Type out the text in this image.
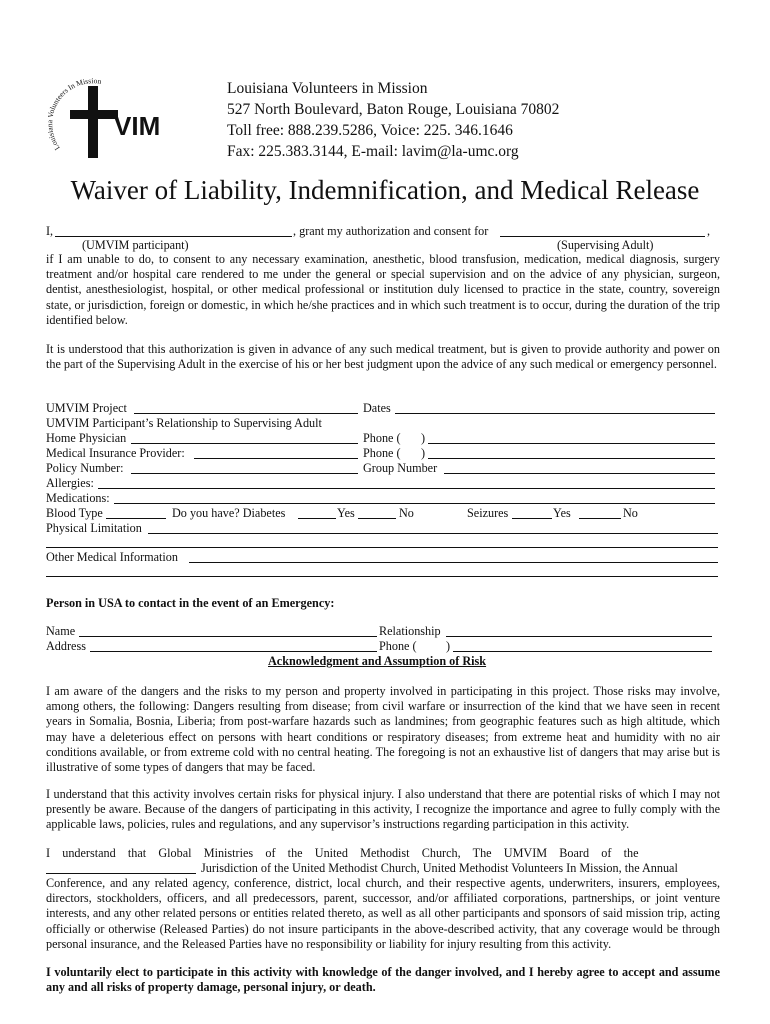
Loui lunteers In Mission
VIM
Louisiana Volunteers in Mission
527 North Boulevard, Baton Rouge, Louisiana 70802
Toll free: 888.239.5286, Voice: 225. 346.1646
Fax: 225.383.3144, E-mail: lavim@la-umc.org
Waiver of Liability, Indemnification, and Medical Release
I,	, grant my authorization and consent for	,
(UMVIM participant)	(Supervising Adult)
if I am unable to do, to consent to any necessary examination, anesthetic, blood transfusion, medication, medical diagnosis, surgery treatment and/or hospital care rendered to me under the general or special supervision and on the advice of any physician, surgeon, dentist, anesthesiologist, hospital, or other medical professional or institution duly licensed to practice in the state, country, sovereign state, or jurisdiction, foreign or domestic, in which he/she practices and in which such treatment is to occur, during the duration of the trip identified below.
It is understood that this authorization is given in advance of any such medical treatment, but is given to provide authority and power on the part of the Supervising Adult in the exercise of his or her best judgment upon the advice of any such medical or emergency personnel.
UMVIM Project	Dates
UMVIM Participant’s Relationship to Supervising Adult
Home Physician	Phone ( )
Medical Insurance Provider:	Phone ( )
Policy Number:	Group Number
Allergies:
Medications:
Blood Type	Do you have? Diabetes	Yes	No	Seizures	Yes	No
Physical Limitation
Other Medical Information
Person in USA to contact in the event of an Emergency:
Name	Relationship
Address	Phone ( )
Acknowledgment and Assumption of Risk
I am aware of the dangers and the risks to my person and property involved in participating in this project. Those risks may involve, among others, the following: Dangers resulting from disease; from civil warfare or insurrection of the kind that we have seen in recent years in Somalia, Bosnia, Liberia; from post-warfare hazards such as landmines; from geographic features such as high altitude, which may have a deleterious effect on persons with heart conditions or respiratory diseases; from extreme heat and humidity with no air conditions available, or from extreme cold with no central heating. The foregoing is not an exhaustive list of dangers that may arise but is illustrative of some types of dangers that may be faced.
I understand that this activity involves certain risks for physical injury. I also understand that there are potential risks of which I may not presently be aware. Because of the dangers of participating in this activity, I recognize the importance and agree to fully comply with the applicable laws, policies, rules and regulations, and any supervisor’s instructions regarding participation in this activity.
I    understand    that    Global    Ministries    of    the    United    Methodist    Church,    The    UMVIM    Board    of    the
Jurisdiction of the United Methodist Church, United Methodist Volunteers In Mission, the Annual
Conference, and any related agency, conference, district, local church, and their respective agents, underwriters, insurers, employees, directors, stockholders, officers, and all predecessors, parent, successor, and/or affiliated corporations, partnerships, or joint venture interests, and any other related persons or entities related thereto, as well as all other participants and sponsors of said mission trip, acting officially or otherwise (Released Parties) do not insure participants in the above-described activity, that any coverage would be through personal insurance, and the Released Parties have no responsibility or liability for injury resulting from this activity.
I voluntarily elect to participate in this activity with knowledge of the danger involved, and I hereby agree to accept and assume any and all risks of property damage, personal injury, or death.
